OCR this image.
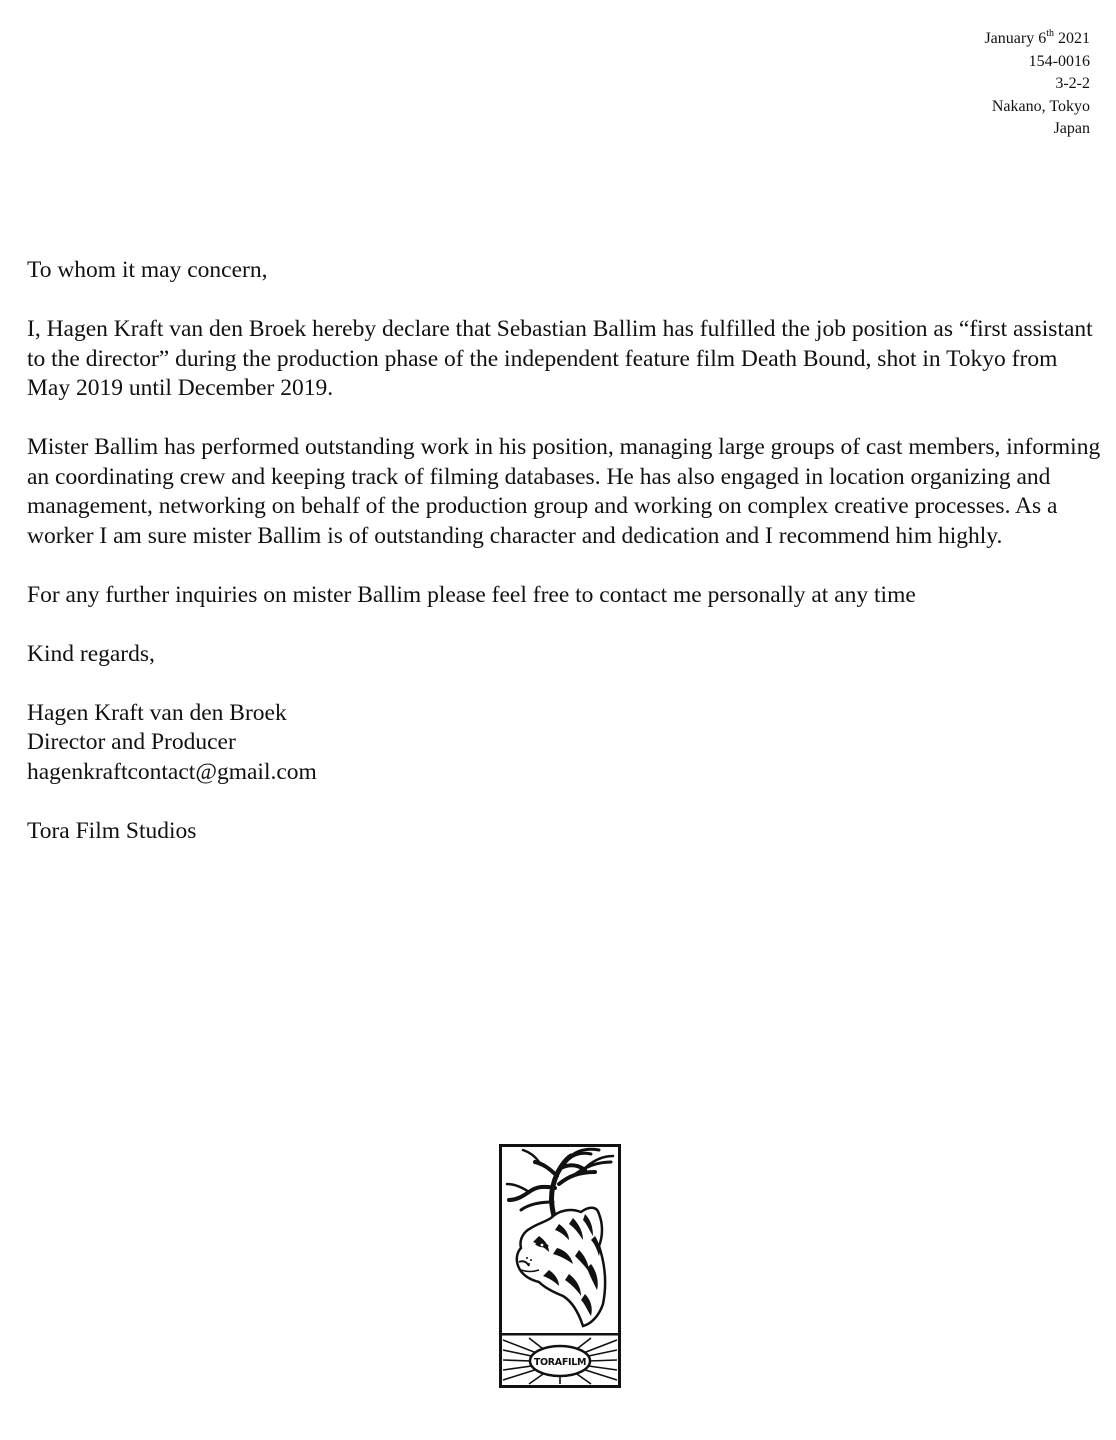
January 6th 2021
154-0016
3-2-2
Nakano, Tokyo
Japan

To whom it may concern,

I, Hagen Kraft van den Broek hereby declare that Sebastian Ballim has fulfilled the job position as “first assistant to the director” during the production phase of the independent feature film Death Bound, shot in Tokyo from May 2019 until December 2019.

Mister Ballim has performed outstanding work in his position, managing large groups of cast members, informing an coordinating crew and keeping track of filming databases. He has also engaged in location organizing and management, networking on behalf of the production group and working on complex creative processes. As a worker I am sure mister Ballim is of outstanding character and dedication and I recommend him highly.

For any further inquiries on mister Ballim please feel free to contact me personally at any time

Kind regards,

Hagen Kraft van den Broek

Director and Producer

hagenkraftcontact@gmail.com

Tora Film Studios

TORAFILM
